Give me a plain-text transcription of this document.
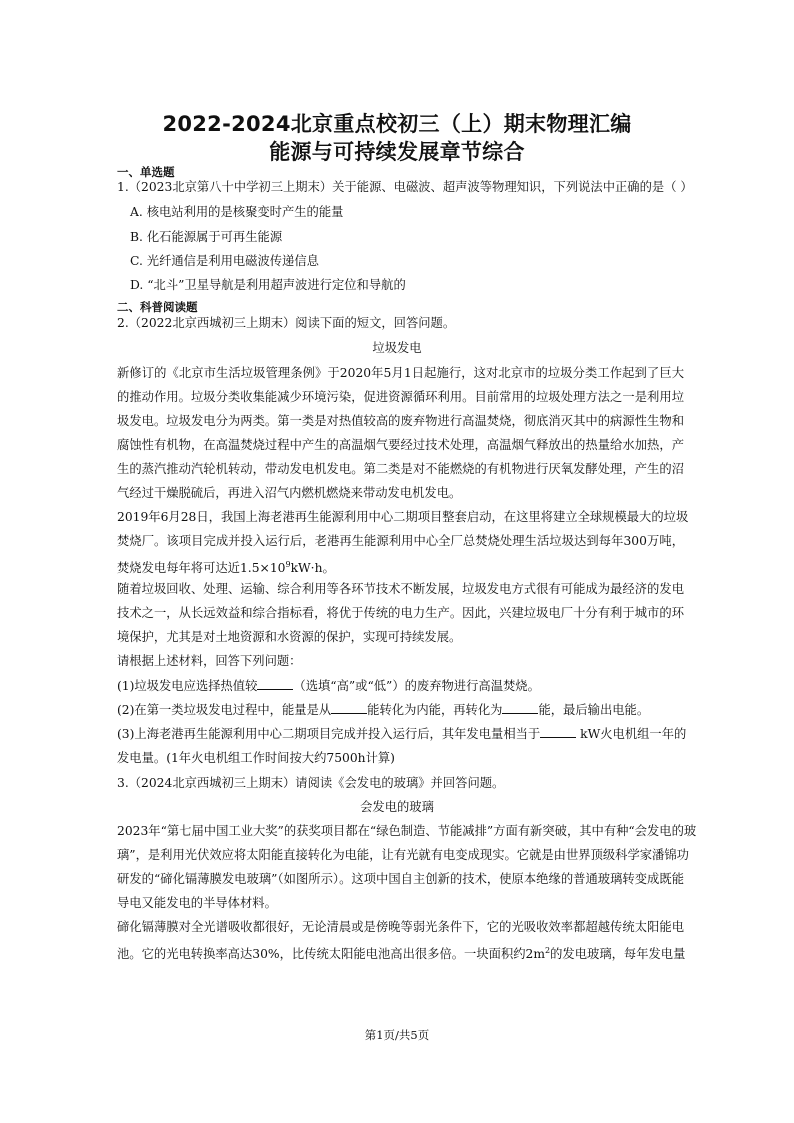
2022-2024北京重点校初三（上）期末物理汇编
能源与可持续发展章节综合
一、单选题
1.（2023北京第八十中学初三上期末）关于能源、电磁波、超声波等物理知识，下列说法中正确的是（ ）
A. 核电站利用的是核聚变时产生的能量
B. 化石能源属于可再生能源
C. 光纤通信是利用电磁波传递信息
D. “北斗”卫星导航是利用超声波进行定位和导航的
二、科普阅读题
2.（2022北京西城初三上期末）阅读下面的短文，回答问题。
垃圾发电
新修订的《北京市生活垃圾管理条例》于2020年5月1日起施行，这对北京市的垃圾分类工作起到了巨大
的推动作用。垃圾分类收集能减少环境污染，促进资源循环利用。目前常用的垃圾处理方法之一是利用垃
圾发电。垃圾发电分为两类。第一类是对热值较高的废弃物进行高温焚烧，彻底消灭其中的病源性生物和
腐蚀性有机物，在高温焚烧过程中产生的高温烟气要经过技术处理，高温烟气释放出的热量给水加热，产
生的蒸汽推动汽轮机转动，带动发电机发电。第二类是对不能燃烧的有机物进行厌氧发酵处理，产生的沼
气经过干燥脱硫后，再进入沼气内燃机燃烧来带动发电机发电。
2019年6月28日，我国上海老港再生能源利用中心二期项目整套启动，在这里将建立全球规模最大的垃圾
焚烧厂。该项目完成并投入运行后，老港再生能源利用中心全厂总焚烧处理生活垃圾达到每年300万吨，
焚烧发电每年将可达近$1.5\times 10^9kW\cdot h$。
随着垃圾回收、处理、运输、综合利用等各环节技术不断发展，垃圾发电方式很有可能成为最经济的发电
技术之一，从长远效益和综合指标看，将优于传统的电力生产。因此，兴建垃圾电厂十分有利于城市的环
境保护，尤其是对土地资源和水资源的保护，实现可持续发展。
请根据上述材料，回答下列问题：
(1)垃圾发电应选择热值较	（选填“高”或“低”）的废弃物进行高温焚烧。
(2)在第一类垃圾发电过程中，能量是从	能转化为内能，再转化为	能，最后输出电能。
(3)上海老港再生能源利用中心二期项目完成并投入运行后，其年发电量相当于	kW火电机组一年的
发电量。(1年火电机组工作时间按大约7500h计算)
3.（2024北京西城初三上期末）请阅读《会发电的玻璃》并回答问题。
会发电的玻璃
2023年“第七届中国工业大奖”的获奖项目都在“绿色制造、节能减排”方面有新突破，其中有种“会发电的玻
璃”，是利用光伏效应将太阳能直接转化为电能，让有光就有电变成现实。它就是由世界顶级科学家潘锦功
研发的“碲化镉薄膜发电玻璃”（如图所示）。这项中国自主创新的技术，使原本绝缘的普通玻璃转变成既能
导电又能发电的半导体材料。
碲化镉薄膜对全光谱吸收都很好，无论清晨或是傍晚等弱光条件下，它的光吸收效率都超越传统太阳能电
池。它的光电转换率高达30%，比传统太阳能电池高出很多倍。一块面积约$2m^2$的发电玻璃，每年发电量
第1页/共5页
